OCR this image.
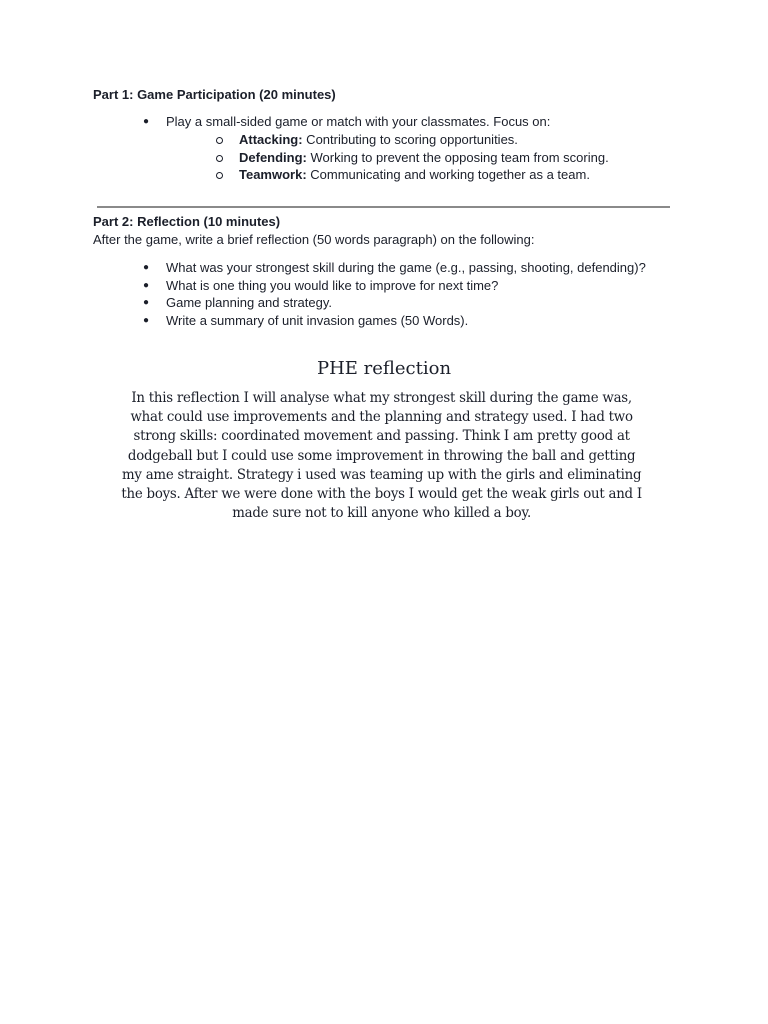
Part 1: Game Participation (20 minutes)
● Play a small-sided game or match with your classmates. Focus on:
Attacking: Contributing to scoring opportunities.
Defending: Working to prevent the opposing team from scoring.
Teamwork: Communicating and working together as a team.
Part 2: Reflection (10 minutes)
After the game, write a brief reflection (50 words paragraph) on the following:
● What was your strongest skill during the game (e.g., passing, shooting, defending)?
● What is one thing you would like to improve for next time?
● Game planning and strategy.
● Write a summary of unit invasion games (50 Words).
PHE reflection
In this reflection I will analyse what my strongest skill during the game was,
what could use improvements and the planning and strategy used. I had two
strong skills: coordinated movement and passing. Think I am pretty good at
dodgeball but I could use some improvement in throwing the ball and getting
my ame straight. Strategy i used was teaming up with the girls and eliminating
the boys. After we were done with the boys I would get the weak girls out and I
made sure not to kill anyone who killed a boy.
